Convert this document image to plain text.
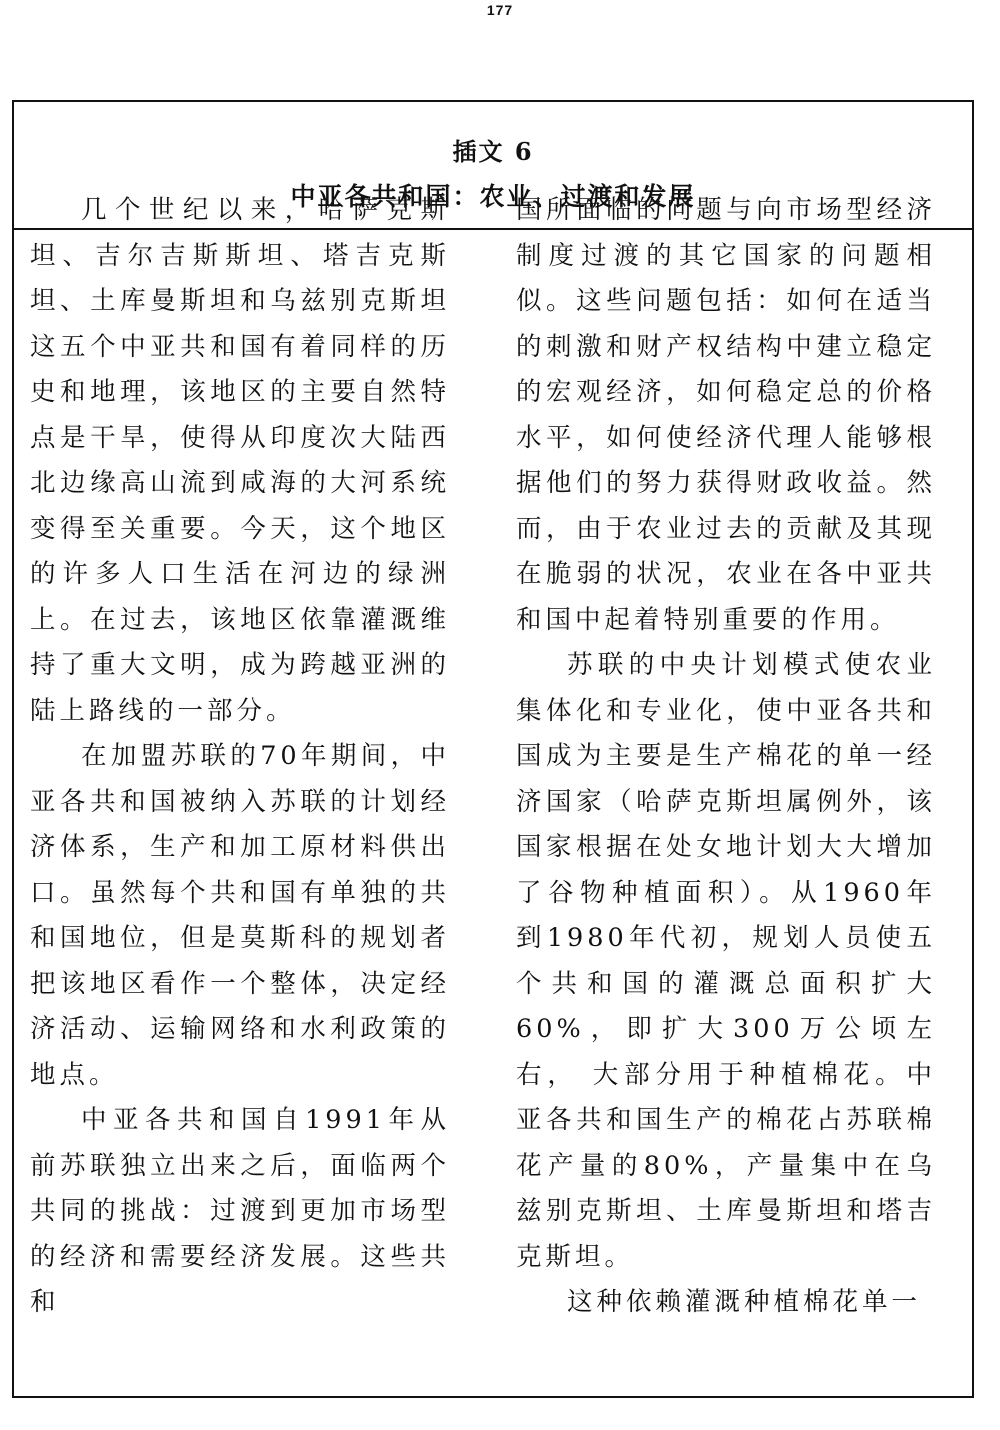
177
插文 6
中亚各共和国：农业、过渡和发展

几个世纪以来，哈萨克斯坦、吉尔吉斯斯坦、塔吉克斯坦、土库曼斯坦和乌兹别克斯坦这五个中亚共和国有着同样的历史和地理，该地区的主要自然特点是干旱，使得从印度次大陆西北边缘高山流到咸海的大河系统变得至关重要。今天，这个地区的许多人口生活在河边的绿洲上。在过去，该地区依靠灌溉维持了重大文明，成为跨越亚洲的陆上路线的一部分。

在加盟苏联的70年期间，中亚各共和国被纳入苏联的计划经济体系，生产和加工原材料供出口。虽然每个共和国有单独的共和国地位，但是莫斯科的规划者把该地区看作一个整体，决定经济活动、运输网络和水利政策的地点。

中亚各共和国自1991年从前苏联独立出来之后，面临两个共同的挑战：过渡到更加市场型的经济和需要经济发展。这些共和

国所面临的问题与向市场型经济制度过渡的其它国家的问题相似。这些问题包括：如何在适当的刺激和财产权结构中建立稳定的宏观经济，如何稳定总的价格水平，如何使经济代理人能够根据他们的努力获得财政收益。然而，由于农业过去的贡献及其现在脆弱的状况，农业在各中亚共和国中起着特别重要的作用。

苏联的中央计划模式使农业集体化和专业化，使中亚各共和国成为主要是生产棉花的单一经济国家（哈萨克斯坦属例外，该国家根据在处女地计划大大增加了谷物种植面积）。从1960年到1980年代初，规划人员使五个共和国的灌溉总面积扩大60%，即扩大300万公顷左右， 大部分用于种植棉花。中亚各共和国生产的棉花占苏联棉花产量的80%，产量集中在乌兹别克斯坦、土库曼斯坦和塔吉克斯坦。

这种依赖灌溉种植棉花单一
